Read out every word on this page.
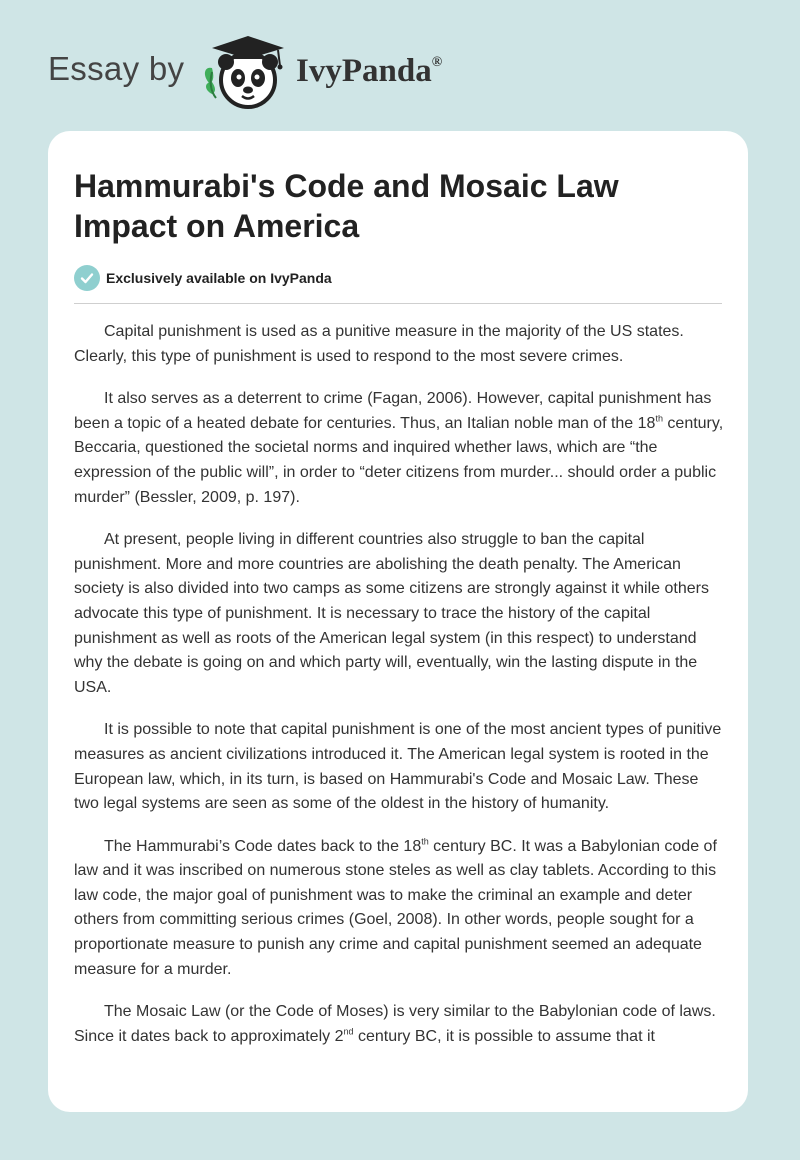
Essay by	IvyPanda®
Hammurabi's Code and Mosaic Law Impact on America
Exclusively available on IvyPanda

Capital punishment is used as a punitive measure in the majority of the US states. Clearly, this type of punishment is used to respond to the most severe crimes.

It also serves as a deterrent to crime (Fagan, 2006). However, capital punishment has been a topic of a heated debate for centuries. Thus, an Italian noble man of the 18th century, Beccaria, questioned the societal norms and inquired whether laws, which are “the expression of the public will”, in order to “deter citizens from murder... should order a public murder” (Bessler, 2009, p. 197).

At present, people living in different countries also struggle to ban the capital punishment. More and more countries are abolishing the death penalty. The American society is also divided into two camps as some citizens are strongly against it while others advocate this type of punishment. It is necessary to trace the history of the capital punishment as well as roots of the American legal system (in this respect) to understand why the debate is going on and which party will, eventually, win the lasting dispute in the USA.

It is possible to note that capital punishment is one of the most ancient types of punitive measures as ancient civilizations introduced it. The American legal system is rooted in the European law, which, in its turn, is based on Hammurabi's Code and Mosaic Law. These two legal systems are seen as some of the oldest in the history of humanity.

The Hammurabi’s Code dates back to the 18th century BC. It was a Babylonian code of law and it was inscribed on numerous stone steles as well as clay tablets. According to this law code, the major goal of punishment was to make the criminal an example and deter others from committing serious crimes (Goel, 2008). In other words, people sought for a proportionate measure to punish any crime and capital punishment seemed an adequate measure for a murder.

The Mosaic Law (or the Code of Moses) is very similar to the Babylonian code of laws. Since it dates back to approximately 2nd century BC, it is possible to assume that it
